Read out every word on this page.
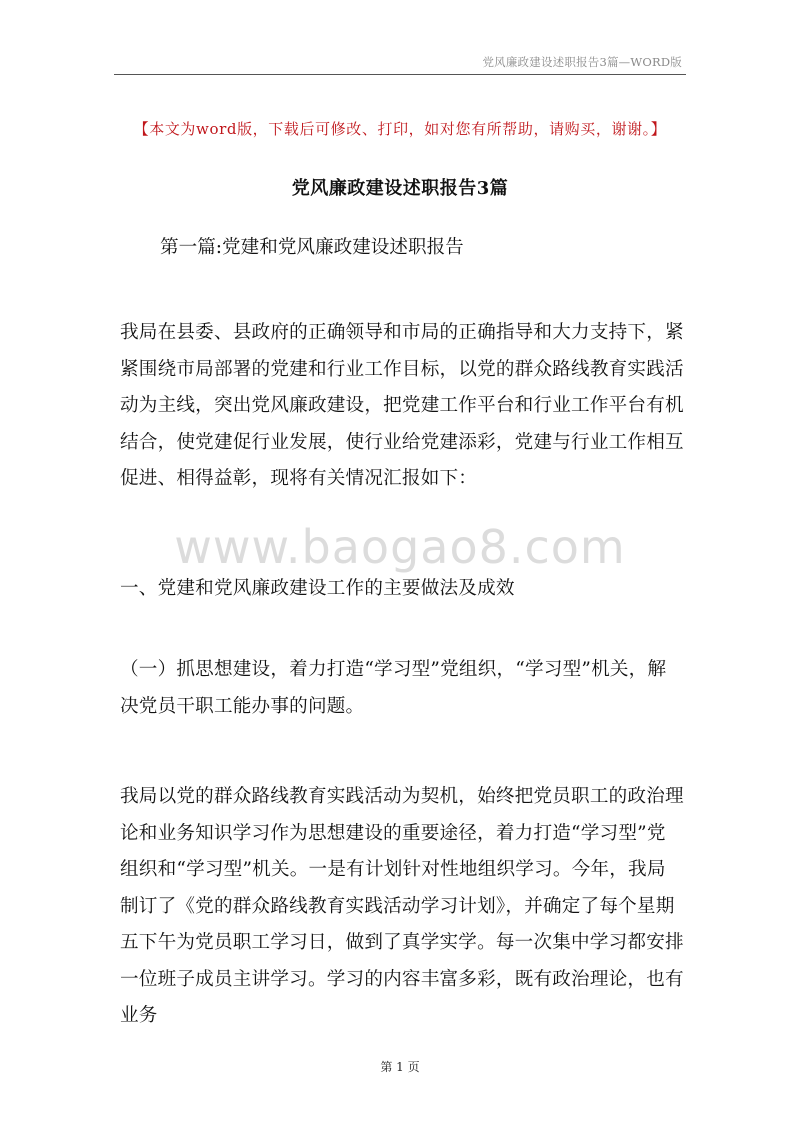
党风廉政建设述职报告3篇—WORD版
【本文为word版，下载后可修改、打印，如对您有所帮助，请购买，谢谢。】
党风廉政建设述职报告3篇
第一篇:党建和党风廉政建设述职报告
我局在县委、县政府的正确领导和市局的正确指导和大力支持下，紧紧围绕市局部署的党建和行业工作目标，以党的群众路线教育实践活动为主线，突出党风廉政建设，把党建工作平台和行业工作平台有机结合，使党建促行业发展，使行业给党建添彩，党建与行业工作相互促进、相得益彰，现将有关情况汇报如下：
www.baogao8.com
一、党建和党风廉政建设工作的主要做法及成效
（一）抓思想建设，着力打造“学习型”党组织，“学习型”机关，解决党员干职工能办事的问题。
我局以党的群众路线教育实践活动为契机，始终把党员职工的政治理论和业务知识学习作为思想建设的重要途径，着力打造“学习型”党组织和“学习型”机关。一是有计划针对性地组织学习。今年，我局制订了《党的群众路线教育实践活动学习计划》，并确定了每个星期五下午为党员职工学习日，做到了真学实学。每一次集中学习都安排一位班子成员主讲学习。学习的内容丰富多彩，既有政治理论，也有业务
第 1 页
